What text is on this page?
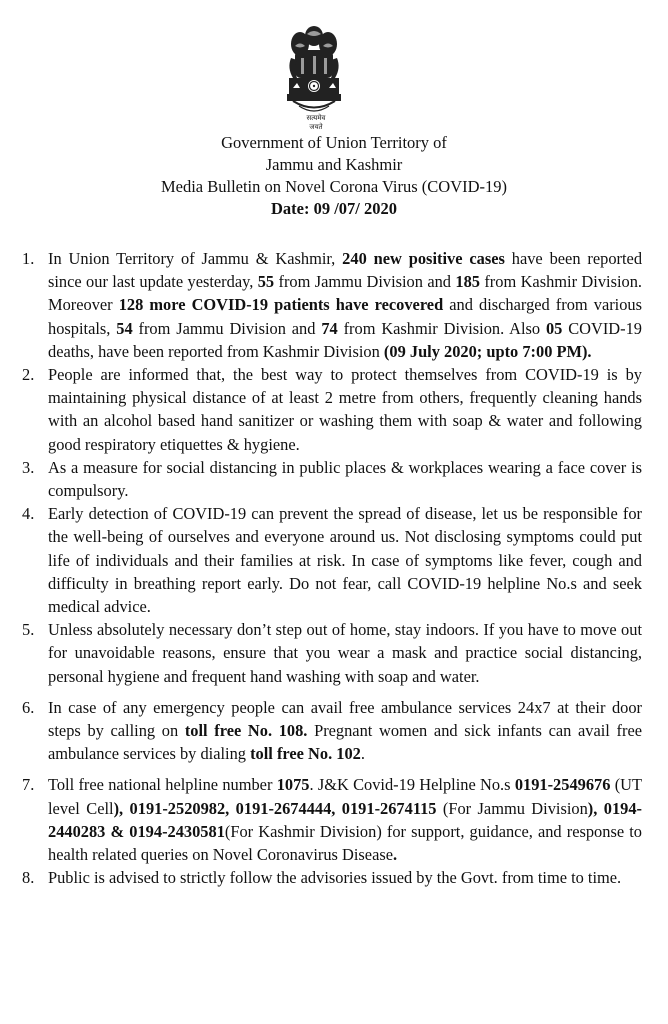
सत्यमेव जयते
Government of Union Territory of
Jammu and Kashmir
Media Bulletin on Novel Corona Virus (COVID-19)
Date: 09 /07/ 2020
1. In Union Territory of Jammu & Kashmir, 240 new positive cases have been reported since our last update yesterday, 55 from Jammu Division and 185 from Kashmir Division. Moreover 128 more COVID-19 patients have recovered and discharged from various hospitals, 54 from Jammu Division and 74 from Kashmir Division. Also 05 COVID-19 deaths, have been reported from Kashmir Division (09 July 2020; upto 7:00 PM).
2. People are informed that, the best way to protect themselves from COVID-19 is by maintaining physical distance of at least 2 metre from others, frequently cleaning hands with an alcohol based hand sanitizer or washing them with soap & water and following good respiratory etiquettes & hygiene.
3. As a measure for social distancing in public places & workplaces wearing a face cover is compulsory.
4. Early detection of COVID-19 can prevent the spread of disease, let us be responsible for the well-being of ourselves and everyone around us. Not disclosing symptoms could put life of individuals and their families at risk. In case of symptoms like fever, cough and difficulty in breathing report early. Do not fear, call COVID-19 helpline No.s and seek medical advice.
5. Unless absolutely necessary don’t step out of home, stay indoors. If you have to move out for unavoidable reasons, ensure that you wear a mask and practice social distancing, personal hygiene and frequent hand washing with soap and water.
6. In case of any emergency people can avail free ambulance services 24x7 at their door steps by calling on toll free No. 108. Pregnant women and sick infants can avail free ambulance services by dialing toll free No. 102.
7. Toll free national helpline number 1075. J&K Covid-19 Helpline No.s 0191-2549676 (UT level Cell), 0191-2520982, 0191-2674444, 0191-2674115 (For Jammu Division), 0194-2440283 & 0194-2430581(For Kashmir Division) for support, guidance, and response to health related queries on Novel Coronavirus Disease.
8. Public is advised to strictly follow the advisories issued by the Govt. from time to time.
